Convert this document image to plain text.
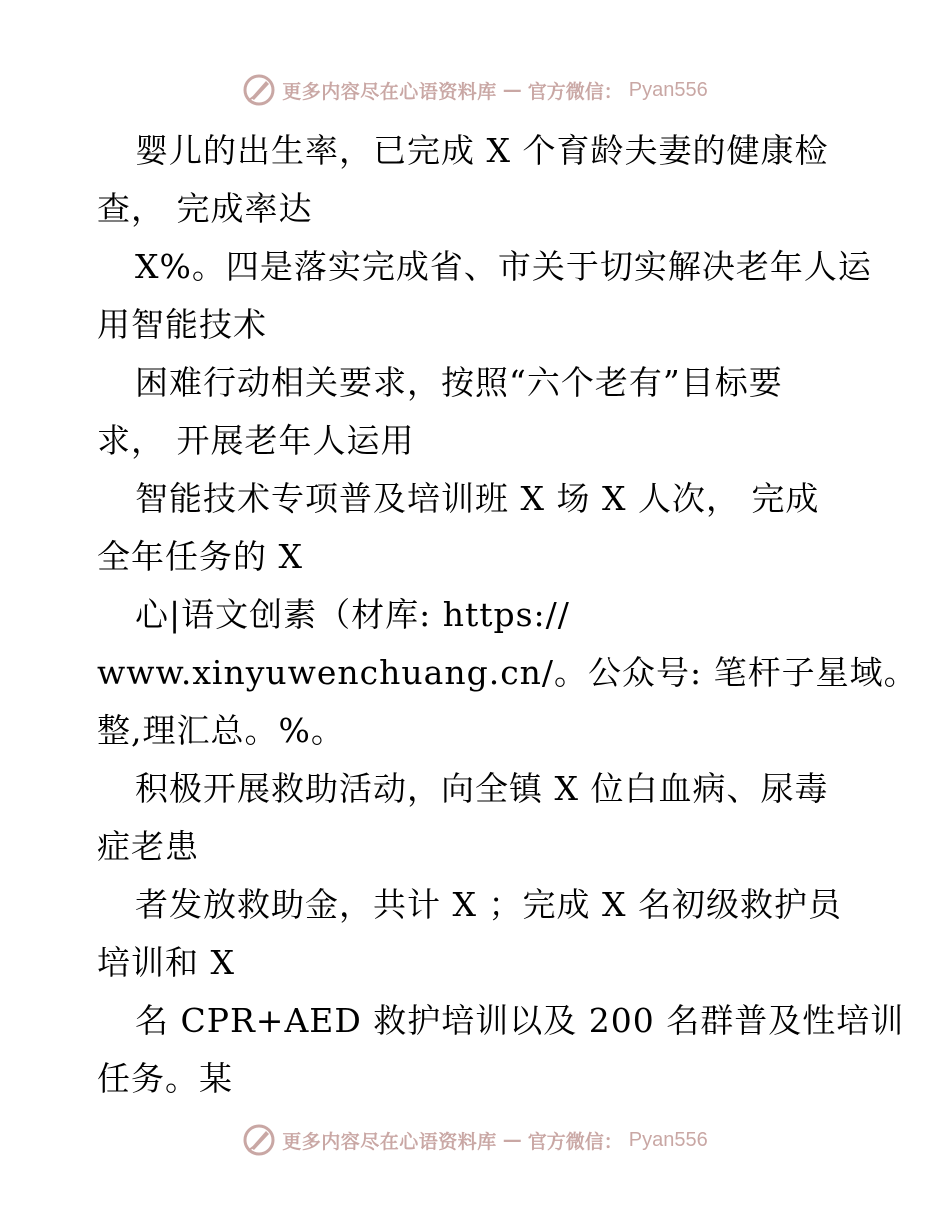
更多内容尽在心语资料库 — 官方微信： Pyan556
婴儿的出生率，已完成 X 个育龄夫妻的健康检
查， 完成率达
X%。四是落实完成省、市关于切实解决老年人运
用智能技术
困难行动相关要求，按照“六个老有”目标要
求， 开展老年人运用
智能技术专项普及培训班 X 场 X 人次， 完成
全年任务的 X
心|语文创素（材库: https://
www.xinyuwenchuang.cn/。公众号: 笔杆子星域。
整,理汇总。%。
积极开展救助活动，向全镇 X 位白血病、尿毒
症老患
者发放救助金，共计 X ；完成 X 名初级救护员
培训和 X
名 CPR+AED 救护培训以及 200 名群普及性培训
任务。某
更多内容尽在心语资料库 — 官方微信： Pyan556
